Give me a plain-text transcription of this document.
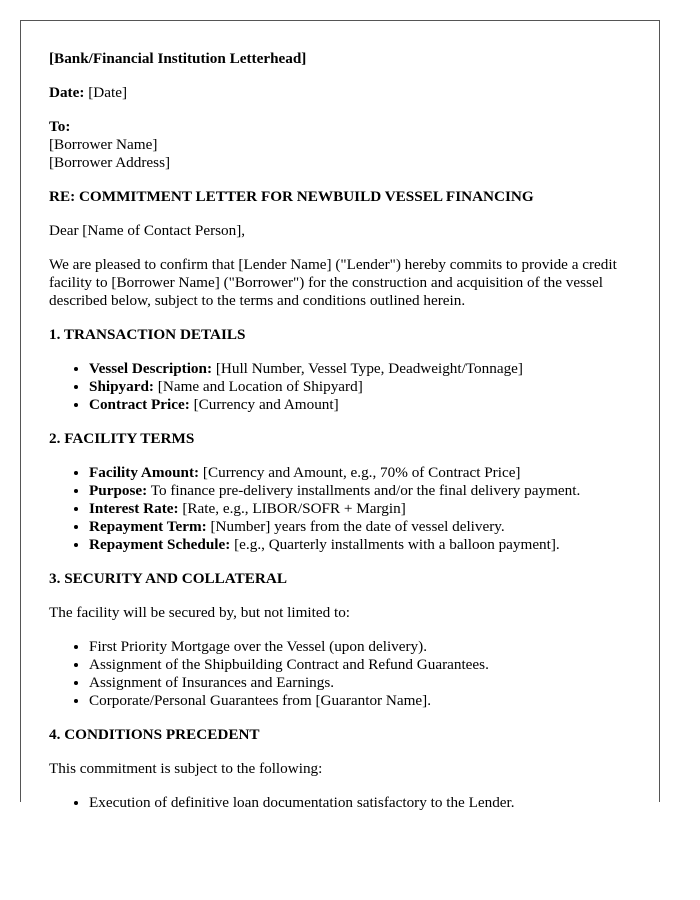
[Bank/Financial Institution Letterhead]

Date: [Date]

To:
[Borrower Name]
[Borrower Address]
RE: COMMITMENT LETTER FOR NEWBUILD VESSEL FINANCING

Dear [Name of Contact Person],

We are pleased to confirm that [Lender Name] ("Lender") hereby commits to provide a credit facility to [Borrower Name] ("Borrower") for the construction and acquisition of the vessel described below, subject to the terms and conditions outlined herein.

1. TRANSACTION DETAILS
• Vessel Description: [Hull Number, Vessel Type, Deadweight/Tonnage]
• Shipyard: [Name and Location of Shipyard]
• Contract Price: [Currency and Amount]
2. FACILITY TERMS
• Facility Amount: [Currency and Amount, e.g., 70% of Contract Price]
• Purpose: To finance pre-delivery installments and/or the final delivery payment.
• Interest Rate: [Rate, e.g., LIBOR/SOFR + Margin]
• Repayment Term: [Number] years from the date of vessel delivery.
• Repayment Schedule: [e.g., Quarterly installments with a balloon payment].
3. SECURITY AND COLLATERAL

The facility will be secured by, but not limited to:

• First Priority Mortgage over the Vessel (upon delivery).
• Assignment of the Shipbuilding Contract and Refund Guarantees.
• Assignment of Insurances and Earnings.
• Corporate/Personal Guarantees from [Guarantor Name].
4. CONDITIONS PRECEDENT

This commitment is subject to the following:

• Execution of definitive loan documentation satisfactory to the Lender.
